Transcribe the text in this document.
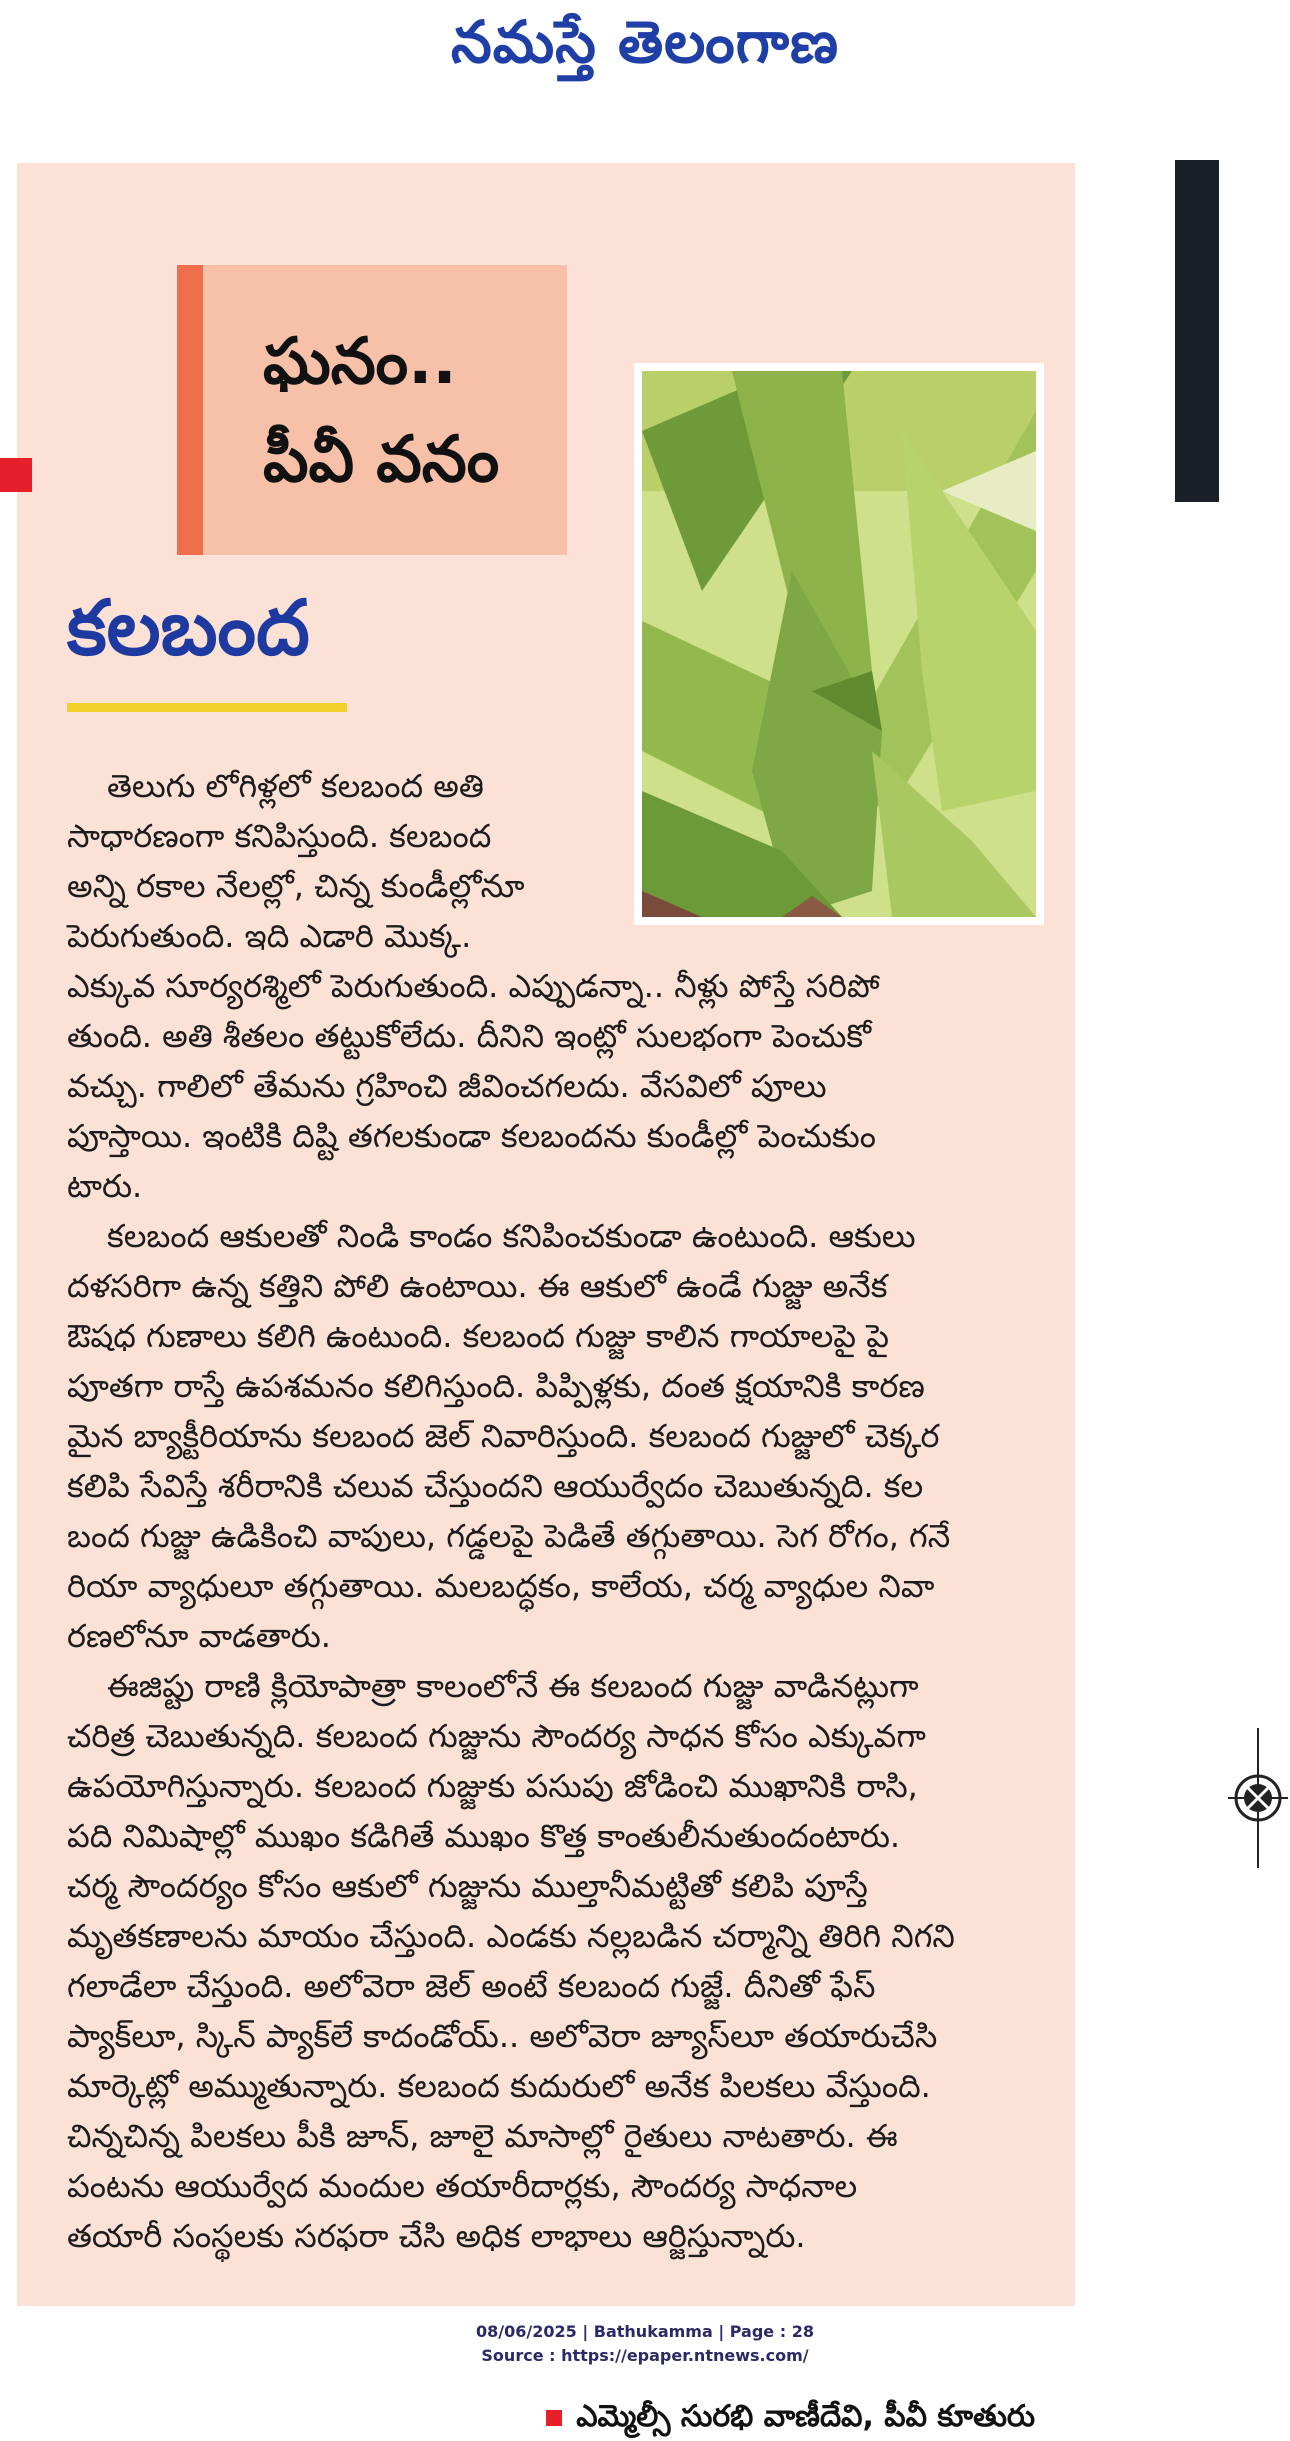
నమస్తే తెలంగాణ
ఘనం..
పీవీ వనం
కలబంద
తెలుగు లోగిళ్లలో కలబంద అతి
సాధారణంగా కనిపిస్తుంది. కలబంద
అన్ని రకాల నేలల్లో, చిన్న కుండీల్లోనూ
పెరుగుతుంది. ఇది ఎడారి మొక్క.
ఎక్కువ సూర్యరశ్మిలో పెరుగుతుంది. ఎప్పుడన్నా.. నీళ్లు పోస్తే సరిపో
తుంది. అతి శీతలం తట్టుకోలేదు. దీనిని ఇంట్లో సులభంగా పెంచుకో
వచ్చు. గాలిలో తేమను గ్రహించి జీవించగలదు. వేసవిలో పూలు
పూస్తాయి. ఇంటికి దిష్టి తగలకుండా కలబందను కుండీల్లో పెంచుకుం
టారు.
కలబంద ఆకులతో నిండి కాండం కనిపించకుండా ఉంటుంది. ఆకులు
దళసరిగా ఉన్న కత్తిని పోలి ఉంటాయి. ఈ ఆకులో ఉండే గుజ్జు అనేక
ఔషధ గుణాలు కలిగి ఉంటుంది. కలబంద గుజ్జు కాలిన గాయాలపై పై
పూతగా రాస్తే ఉపశమనం కలిగిస్తుంది. పిప్పిళ్లకు, దంత క్షయానికి కారణ
మైన బ్యాక్టీరియాను కలబంద జెల్ నివారిస్తుంది. కలబంద గుజ్జులో చెక్కర
కలిపి సేవిస్తే శరీరానికి చలువ చేస్తుందని ఆయుర్వేదం చెబుతున్నది. కల
బంద గుజ్జు ఉడికించి వాపులు, గడ్డలపై పెడితే తగ్గుతాయి. సెగ రోగం, గనే
రియా వ్యాధులూ తగ్గుతాయి. మలబద్ధకం, కాలేయ, చర్మ వ్యాధుల నివా
రణలోనూ వాడతారు.
ఈజిప్టు రాణి క్లియోపాత్రా కాలంలోనే ఈ కలబంద గుజ్జు వాడినట్లుగా
చరిత్ర చెబుతున్నది. కలబంద గుజ్జును సౌందర్య సాధన కోసం ఎక్కువగా
ఉపయోగిస్తున్నారు. కలబంద గుజ్జుకు పసుపు జోడించి ముఖానికి రాసి,
పది నిమిషాల్లో ముఖం కడిగితే ముఖం కొత్త కాంతులీనుతుందంటారు.
చర్మ సౌందర్యం కోసం ఆకులో గుజ్జును ముల్తానీమట్టితో కలిపి పూస్తే
మృతకణాలను మాయం చేస్తుంది. ఎండకు నల్లబడిన చర్మాన్ని తిరిగి నిగని
గలాడేలా చేస్తుంది. అలోవెరా జెల్ అంటే కలబంద గుజ్జే. దీనితో ఫేస్
ప్యాక్‌లూ, స్కిన్ ప్యాక్‌లే కాదండోయ్.. అలోవెరా జ్యూస్‌లూ తయారుచేసి
మార్కెట్లో అమ్ముతున్నారు. కలబంద కుదురులో అనేక పిలకలు వేస్తుంది.
చిన్నచిన్న పిలకలు పీకి జూన్, జూలై మాసాల్లో రైతులు నాటతారు. ఈ
పంటను ఆయుర్వేద మందుల తయారీదార్లకు, సౌందర్య సాధనాల
తయారీ సంస్థలకు సరఫరా చేసి అధిక లాభాలు ఆర్జిస్తున్నారు.
ఎమ్మెల్సీ సురభి వాణీదేవి, పీవీ కూతురు
08/06/2025 | Bathukamma | Page : 28
Source : https://epaper.ntnews.com/
